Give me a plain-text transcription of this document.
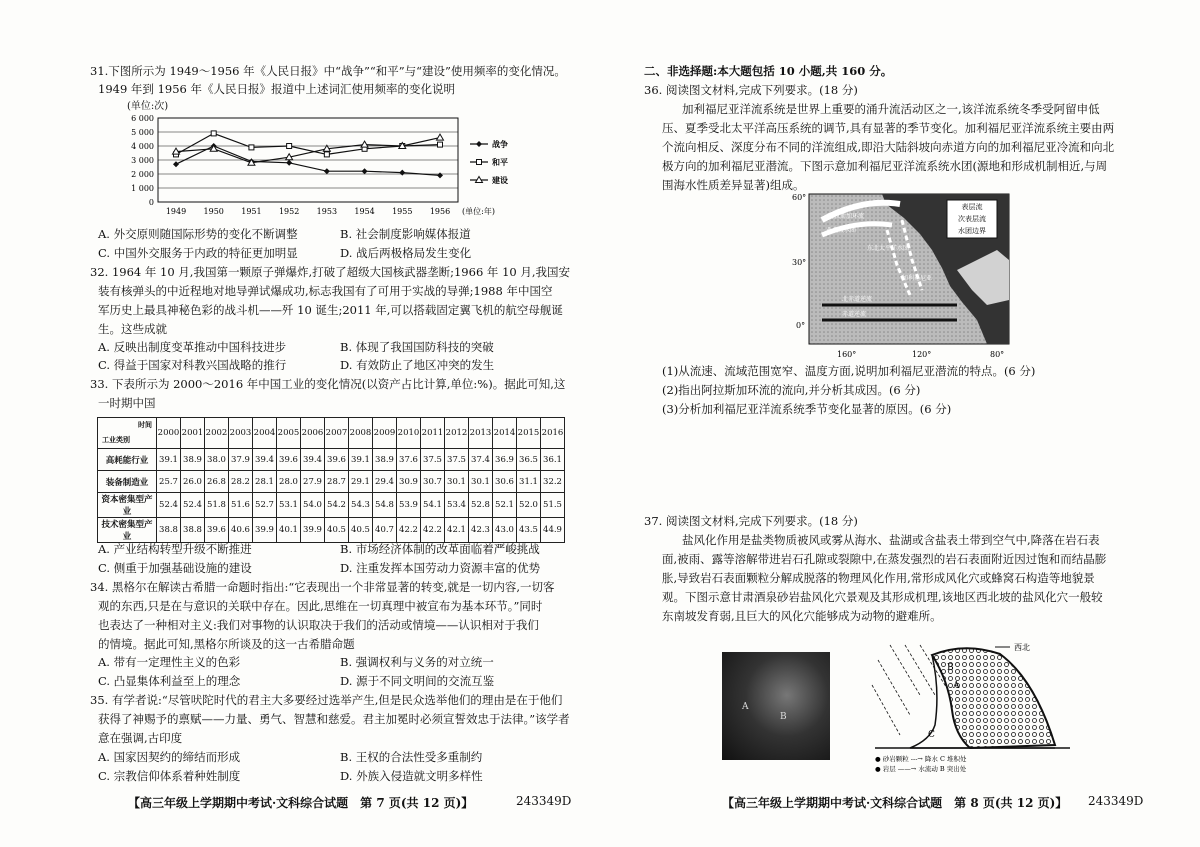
31.下图所示为 1949～1956 年《人民日报》中“战争”“和平”与“建设”使用频率的变化情况。
1949 年到 1956 年《人民日报》报道中上述词汇使用频率的变化说明
(单位:次)
6 000
5 000
4 000
3 000
2 000
1 000
0
1949 1950 1951 1952 1953 1954 1955 1956 (单位:年)
战争
和平
建设
A. 外交原则随国际形势的变化不断调整	B. 社会制度影响媒体报道
C. 中国外交服务于内政的特征更加明显	D. 战后两极格局发生变化
32. 1964 年 10 月,我国第一颗原子弹爆炸,打破了超级大国核武器垄断;1966 年 10 月,我国安
装有核弹头的中近程地对地导弹试爆成功,标志我国有了可用于实战的导弹;1988 年中国空
军历史上最具神秘色彩的战斗机——歼 10 诞生;2011 年,可以搭载固定翼飞机的航空母舰诞
生。这些成就
A. 反映出制度变革推动中国科技进步	B. 体现了我国国防科技的突破
C. 得益于国家对科教兴国战略的推行	D. 有效防止了地区冲突的发生
33. 下表所示为 2000～2016 年中国工业的变化情况(以资产占比计算,单位:%)。据此可知,这
一时期中国
时间
工业类别	2000	2001	2002	2003	2004	2005	2006	2007	2008	2009	2010	2011	2012	2013	2014	2015	2016
高耗能行业	39.1	38.9	38.0	37.9	39.4	39.6	39.4	39.6	39.1	38.9	37.6	37.5	37.5	37.4	36.9	36.5	36.1
装备制造业	25.7	26.0	26.8	28.2	28.1	28.0	27.9	28.7	29.1	29.4	30.9	30.7	30.1	30.1	30.6	31.1	32.2
资本密集型产业	52.4	52.4	51.8	51.6	52.7	53.1	54.0	54.2	54.3	54.8	53.9	54.1	53.4	52.8	52.1	52.0	51.5
技术密集型产业	38.8	38.8	39.6	40.6	39.9	40.1	39.9	40.5	40.5	40.7	42.2	42.2	42.1	42.3	43.0	43.5	44.9
A. 产业结构转型升级不断推进	B. 市场经济体制的改革面临着严峻挑战
C. 侧重于加强基础设施的建设	D. 注重发挥本国劳动力资源丰富的优势
34. 黑格尔在解读古希腊一命题时指出:“它表现出一个非常显著的转变,就是一切内容,一切客
观的东西,只是在与意识的关联中存在。因此,思维在一切真理中被宣布为基本环节。”同时
也表达了一种相对主义:我们对事物的认识取决于我们的活动或情境——认识相对于我们
的情境。据此可知,黑格尔所谈及的这一古希腊命题
A. 带有一定理性主义的色彩	B. 强调权利与义务的对立统一
C. 凸显集体利益至上的理念	D. 源于不同文明间的交流互鉴
35. 有学者说:“尽管吠陀时代的君主大多要经过选举产生,但是民众选举他们的理由是在于他们
获得了神赐予的禀赋——力量、勇气、智慧和慈爱。君主加冕时必须宣誓效忠于法律。”该学者
意在强调,古印度
A. 国家因契约的缔结而形成	B. 王权的合法性受多重制约
C. 宗教信仰体系着种姓制度	D. 外族入侵造就文明多样性
【高三年级上学期期中考试·文科综合试题　第 7 页(共 12 页)】	243349D
二、非选择题:本大题包括 10 小题,共 160 分。
36. 阅读图文材料,完成下列要求。(18 分)
加利福尼亚洋流系统是世界上重要的涌升流活动区之一,该洋流系统冬季受阿留申低
压、夏季受北太平洋高压系统的调节,具有显著的季节变化。加利福尼亚洋流系统主要由两
个流向相反、深度分布不同的洋流组成,即沿大陆斜坡向赤道方向的加利福尼亚冷流和向北
极方向的加利福尼亚潜流。下图示意加利福尼亚洋流系统水团(源地和形成机制相近,与周
围海水性质差异显著)组成。
表层流
次表层流
水团边界
阿拉斯加环流
亚北极水团
东北太平洋水团
加利福尼亚
北赤道逆流
赤道逆流
60°
30°
0°
160°	120°	80°
(1)从流速、流域范围宽窄、温度方面,说明加利福尼亚潜流的特点。(6 分)
(2)指出阿拉斯加环流的流向,并分析其成因。(6 分)
(3)分析加利福尼亚洋流系统季节变化显著的原因。(6 分)
37. 阅读图文材料,完成下列要求。(18 分)
盐风化作用是盐类物质被风或雾从海水、盐湖或含盐表土带到空气中,降落在岩石表
面,被雨、露等溶解带进岩石孔隙或裂隙中,在蒸发强烈的岩石表面附近因过饱和而结晶膨
胀,导致岩石表面颗粒分解成脱落的物理风化作用,常形成风化穴或蜂窝石构造等地貌景
观。下图示意甘肃酒泉砂岩盐风化穴景观及其形成机理,该地区西北坡的盐风化穴一般较
东南坡发育弱,且巨大的风化穴能够成为动物的避难所。
【高三年级上学期期中考试·文科综合试题　第 8 页(共 12 页)】 243349D
A
B
西北
A
B
C
● 砂岩颗粒 ---→ 降水 C 堆积处
● 岩层 ——→ 水流动 B 突出处
